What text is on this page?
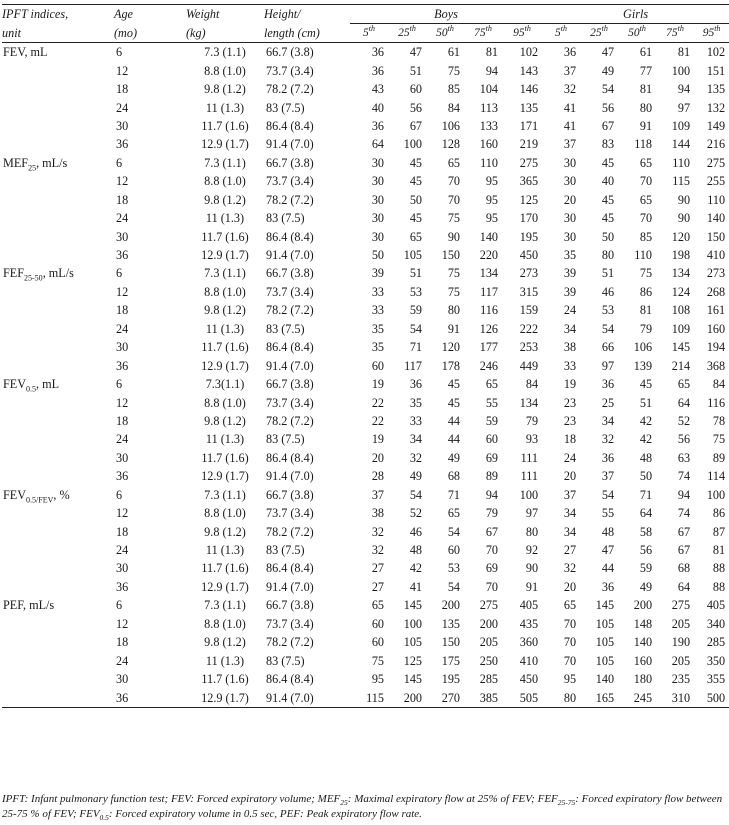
IPFT indices,	Age	Weight	Height/	Boys					Girls				
unit	(mo)	(kg)	length (cm)	5th	25th	50th	75th	95th	5th	25th	50th	75th	95th
FEV, mL	6	7.3 (1.1)	66.7 (3.8)	36	47	61	81	102	36	47	61	81	102
	12	8.8 (1.0)	73.7 (3.4)	36	51	75	94	143	37	49	77	100	151
	18	9.8 (1.2)	78.2 (7.2)	43	60	85	104	146	32	54	81	94	135
	24	11 (1.3)	83 (7.5)	40	56	84	113	135	41	56	80	97	132
	30	11.7 (1.6)	86.4 (8.4)	36	67	106	133	171	41	67	91	109	149
	36	12.9 (1.7)	91.4 (7.0)	64	100	128	160	219	37	83	118	144	216
$MEF_{25}$, mL/s	6	7.3 (1.1)	66.7 (3.8)	30	45	65	110	275	30	45	65	110	275
	12	8.8 (1.0)	73.7 (3.4)	30	45	70	95	365	30	40	70	115	255
	18	9.8 (1.2)	78.2 (7.2)	30	50	70	95	125	20	45	65	90	110
	24	11 (1.3)	83 (7.5)	30	45	75	95	170	30	45	70	90	140
	30	11.7 (1.6)	86.4 (8.4)	30	65	90	140	195	30	50	85	120	150
	36	12.9 (1.7)	91.4 (7.0)	50	105	150	220	450	35	80	110	198	410
$FEF_{25-50}$, mL/s	6	7.3 (1.1)	66.7 (3.8)	39	51	75	134	273	39	51	75	134	273
	12	8.8 (1.0)	73.7 (3.4)	33	53	75	117	315	39	46	86	124	268
	18	9.8 (1.2)	78.2 (7.2)	33	59	80	116	159	24	53	81	108	161
	24	11 (1.3)	83 (7.5)	35	54	91	126	222	34	54	79	109	160
	30	11.7 (1.6)	86.4 (8.4)	35	71	120	177	253	38	66	106	145	194
	36	12.9 (1.7)	91.4 (7.0)	60	117	178	246	449	33	97	139	214	368
$FEV_{0.5}$, mL	6	7.3(1.1)	66.7 (3.8)	19	36	45	65	84	19	36	45	65	84
	12	8.8 (1.0)	73.7 (3.4)	22	35	45	55	134	23	25	51	64	116
	18	9.8 (1.2)	78.2 (7.2)	22	33	44	59	79	23	34	42	52	78
	24	11 (1.3)	83 (7.5)	19	34	44	60	93	18	32	42	56	75
	30	11.7 (1.6)	86.4 (8.4)	20	32	49	69	111	24	36	48	63	89
	36	12.9 (1.7)	91.4 (7.0)	28	49	68	89	111	20	37	50	74	114
$FEV_{0.5/FEV}$, %	6	7.3 (1.1)	66.7 (3.8)	37	54	71	94	100	37	54	71	94	100
	12	8.8 (1.0)	73.7 (3.4)	38	52	65	79	97	34	55	64	74	86
	18	9.8 (1.2)	78.2 (7.2)	32	46	54	67	80	34	48	58	67	87
	24	11 (1.3)	83 (7.5)	32	48	60	70	92	27	47	56	67	81
	30	11.7 (1.6)	86.4 (8.4)	27	42	53	69	90	32	44	59	68	88
	36	12.9 (1.7)	91.4 (7.0)	27	41	54	70	91	20	36	49	64	88
PEF, mL/s	6	7.3 (1.1)	66.7 (3.8)	65	145	200	275	405	65	145	200	275	405
	12	8.8 (1.0)	73.7 (3.4)	60	100	135	200	435	70	105	148	205	340
	18	9.8 (1.2)	78.2 (7.2)	60	105	150	205	360	70	105	140	190	285
	24	11 (1.3)	83 (7.5)	75	125	175	250	410	70	105	160	205	350
	30	11.7 (1.6)	86.4 (8.4)	95	145	195	285	450	95	140	180	235	355
	36	12.9 (1.7)	91.4 (7.0)	115	200	270	385	505	80	165	245	310	500
IPFT: Infant pulmonary function test; FEV: Forced expiratory volume; $MEF_{25}$: Maximal expiratory flow at 25% of FEV; $FEF_{25-75}$: Forced expiratory flow between 25-75 % of FEV; $FEV_{0.5}$: Forced expiratory volume in 0.5 sec, PEF: Peak expiratory flow rate.
